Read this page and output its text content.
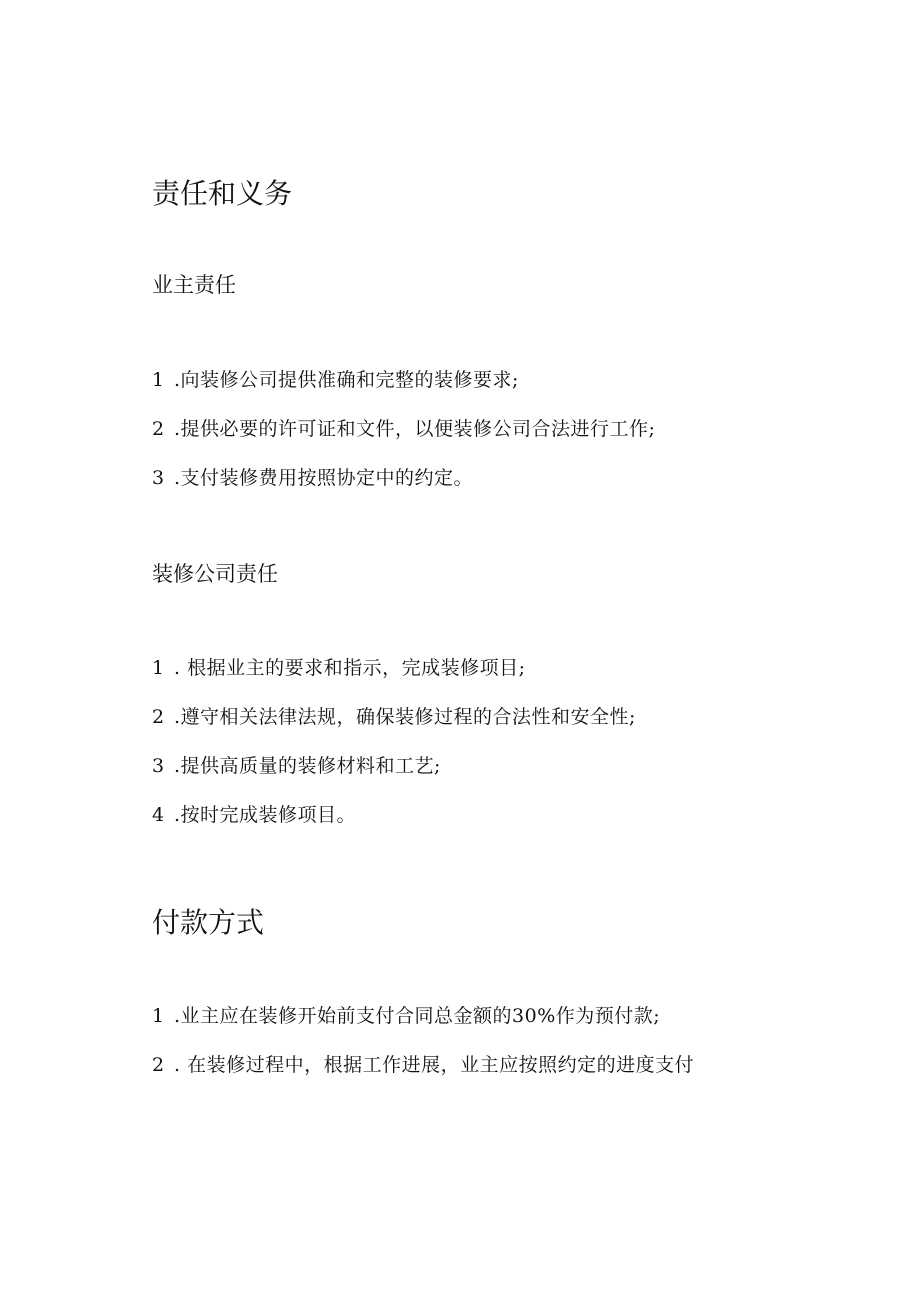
责任和义务
业主责任
1 .向装修公司提供准确和完整的装修要求;
2 .提供必要的许可证和文件，以便装修公司合法进行工作;
3 .支付装修费用按照协定中的约定。
装修公司责任
1 . 根据业主的要求和指示，完成装修项目;
2 .遵守相关法律法规，确保装修过程的合法性和安全性;
3 .提供高质量的装修材料和工艺;
4 .按时完成装修项目。
付款方式
1 .业主应在装修开始前支付合同总金额的30%作为预付款;
2 . 在装修过程中，根据工作进展，业主应按照约定的进度支付
